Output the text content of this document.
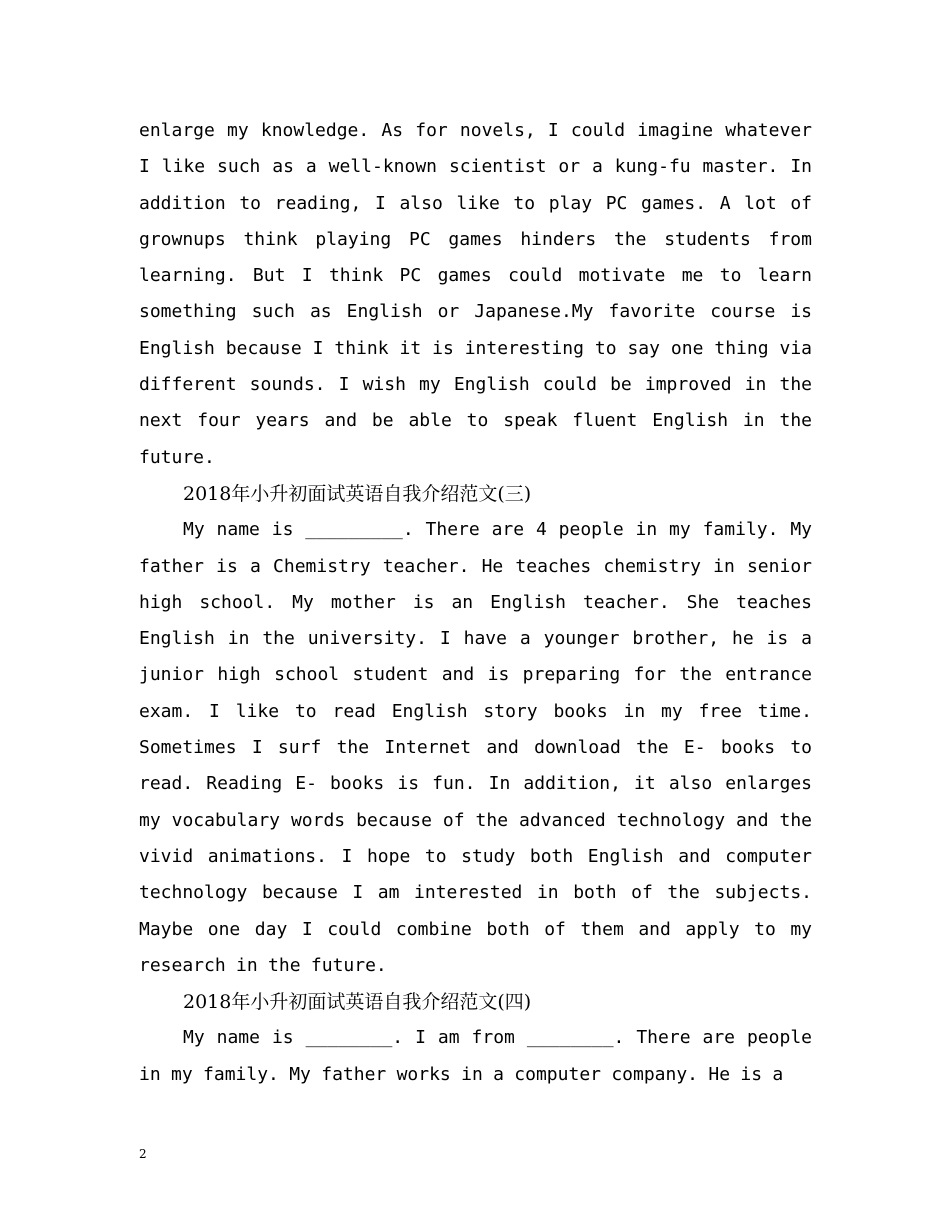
enlarge my knowledge. As for novels, I could imagine whatever I like such as a well-known scientist or a kung-fu master. In addition to reading, I also like to play PC games. A lot of grownups think playing PC games hinders the students from learning. But I think PC games could motivate me to learn something such as English or Japanese.My favorite course is English because I think it is interesting to say one thing via different sounds. I wish my English could be improved in the next four years and be able to speak fluent English in the future.

2018年小升初面试英语自我介绍范文(三)

My name is _________. There are 4 people in my family. My father is a Chemistry teacher. He teaches chemistry in senior high school. My mother is an English teacher. She teaches English in the university. I have a younger brother, he is a junior high school student and is preparing for the entrance exam. I like to read English story books in my free time. Sometimes I surf the Internet and download the E- books to read. Reading E- books is fun. In addition, it also enlarges my vocabulary words because of the advanced technology and the vivid animations. I hope to study both English and computer technology because I am interested in both of the subjects. Maybe one day I could combine both of them and apply to my research in the future.

2018年小升初面试英语自我介绍范文(四)

My name is ________. I am from ________. There are people in my family. My father works in a computer company. He is a

2
